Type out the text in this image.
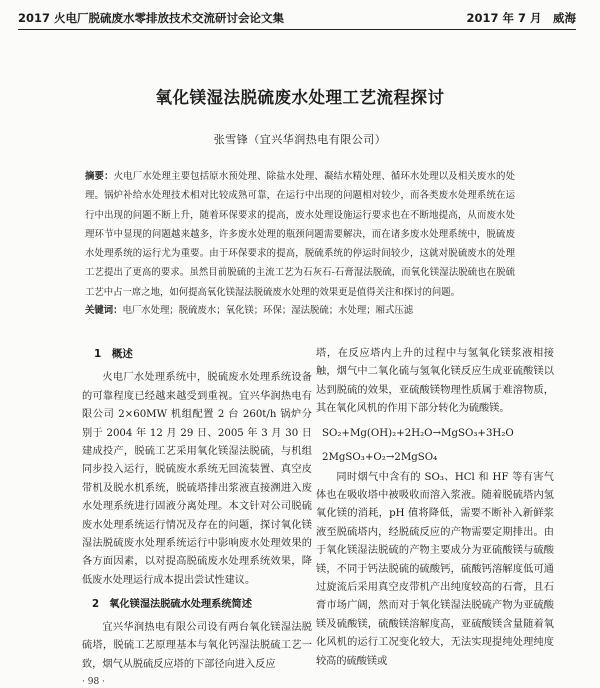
2017 火电厂脱硫废水零排放技术交流研讨会论文集	2017 年 7 月　威海
氧化镁湿法脱硫废水处理工艺流程探讨
张雪锋（宜兴华润热电有限公司）
摘要：火电厂水处理主要包括原水预处理、除盐水处理、凝结水精处理、循环水处理以及相关废水的处理。锅炉补给水处理技术相对比较成熟可靠，在运行中出现的问题相对较少，而各类废水处理系统在运行中出现的问题不断上升，随着环保要求的提高，废水处理设施运行要求也在不断地提高，从而废水处理环节中显现的问题越来越多，许多废水处理的瓶颈问题需要解决，而在诸多废水处理系统中，脱硫废水处理系统的运行尤为重要。由于环保要求的提高，脱硫系统的停运时间较少，这就对脱硫废水的处理工艺提出了更高的要求。虽然目前脱硫的主流工艺为石灰石-石膏湿法脱硫，而氧化镁湿法脱硫也在脱硫工艺中占一席之地，如何提高氧化镁湿法脱硫废水处理的效果更是值得关注和探讨的问题。
关键词：电厂水处理；脱硫废水；氧化镁；环保；湿法脱硫；水处理；厢式压滤
1　概述

火电厂水处理系统中，脱硫废水处理系统设备的可靠程度已经越来越受到重视。宜兴华润热电有限公司 2×60MW 机组配置 2 台 260t/h 锅炉分别于 2004 年 12 月 29 日、2005 年 3 月 30 日建成投产，脱硫工艺采用氧化镁湿法脱硫，与机组同步投入运行，脱硫废水系统无回流装置、真空皮带机及脱水机系统，脱硫塔排出浆液直接溯进入废水处理系统进行固液分离处理。本文针对公司脱硫废水处理系统运行情况及存在的问题，探讨氧化镁湿法脱硫废水处理系统运行中影响废水处理效果的各方面因素，以对提高脱硫废水处理系统效果，降低废水处理运行成本提出尝试性建议。

2　氧化镁湿法脱硫水处理系统简述

宜兴华润热电有限公司设有两台氧化镁湿法脱硫塔，脱硫工艺原理基本与氧化钙湿法脱硫工艺一致，烟气从脱硫反应塔的下部径向进入反应

塔，在反应塔内上升的过程中与氢氧化镁浆液相接触，烟气中二氧化硫与氢氧化镁反应生成亚硫酸镁以达到脱硫的效果，亚硫酸镁物理性质属于难溶物质，其在氧化风机的作用下部分转化为硫酸镁。

SO₂+Mg(OH)₂+2H₂O→MgSO₃+3H₂O
2MgSO₃+O₂→2MgSO₄

同时烟气中含有的 SO₃、HCl 和 HF 等有害气体也在吸收塔中被吸收而溶入浆液。随着脱硫塔内氢氧化镁的消耗，pH 值将降低，需要不断补入新鲜浆液至脱硫塔内，经脱硫反应的产物需要定期排出。由于氧化镁湿法脱硫的产物主要成分为亚硫酸镁与硫酸镁，不同于钙法脱硫的硫酸钙，硫酸钙溶解度低可通过旋流后采用真空皮带机产出纯度较高的石膏，且石膏市场广阔，然而对于氧化镁湿法脱硫产物为亚硫酸镁及硫酸镁，硫酸镁溶解度高，亚硫酸镁含量随着氧化风机的运行工况变化较大，无法实现提纯处理纯度较高的硫酸镁或

· 98 ·
